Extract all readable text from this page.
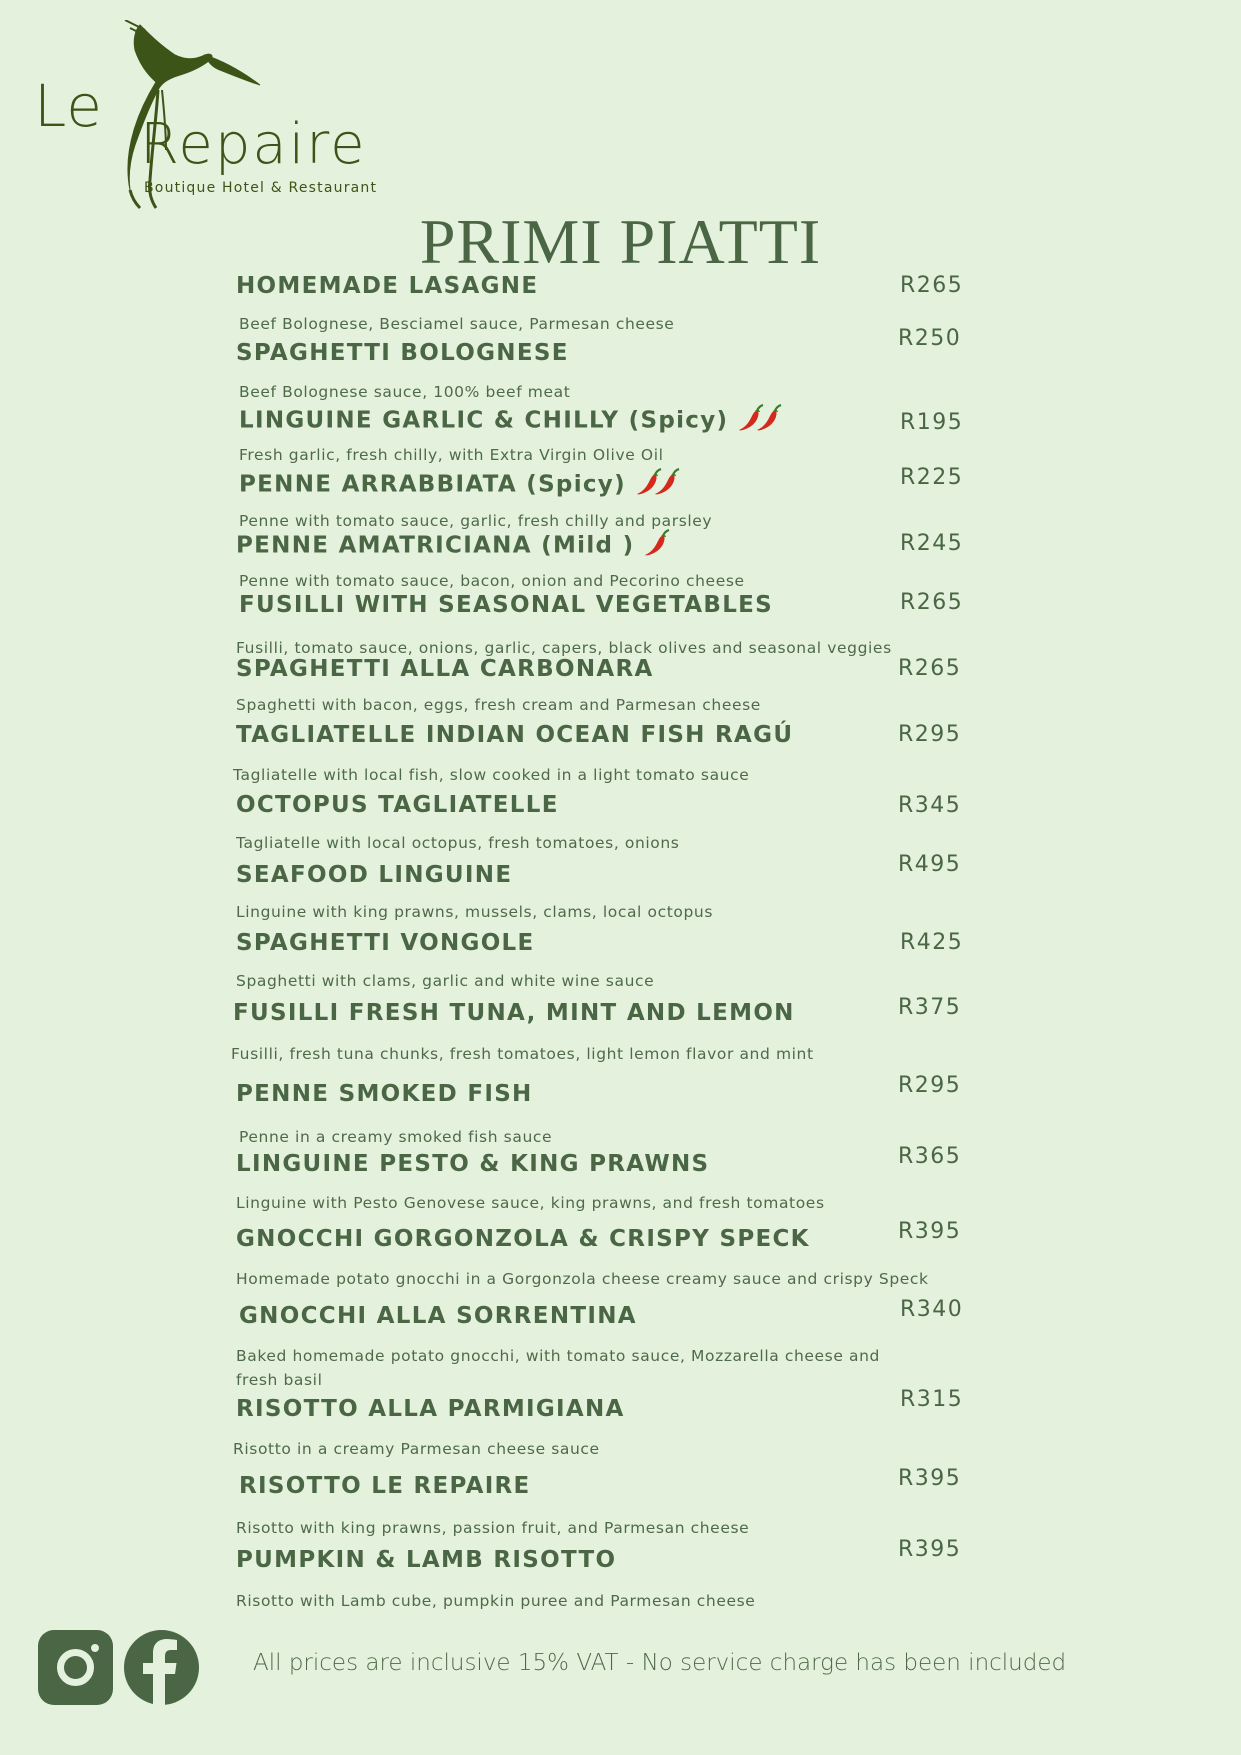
Le
Repaire
Boutique Hotel & Restaurant
PRIMI PIATTI
HOMEMADE LASAGNE
Beef Bolognese, Besciamel sauce, Parmesan cheese
R265
SPAGHETTI BOLOGNESE
Beef Bolognese sauce, 100% beef meat
R250
LINGUINE GARLIC & CHILLY (Spicy)
Fresh garlic, fresh chilly, with Extra Virgin Olive Oil
R195
PENNE ARRABBIATA (Spicy)
Penne with tomato sauce, garlic, fresh chilly and parsley
R225
PENNE AMATRICIANA (Mild )
Penne with tomato sauce, bacon, onion and Pecorino cheese
R245
FUSILLI WITH SEASONAL VEGETABLES
Fusilli, tomato sauce, onions, garlic, capers, black olives and seasonal veggies
R265
SPAGHETTI ALLA CARBONARA
Spaghetti with bacon, eggs, fresh cream and Parmesan cheese
R265
TAGLIATELLE INDIAN OCEAN FISH RAGÚ
Tagliatelle with local fish, slow cooked in a light tomato sauce
R295
OCTOPUS TAGLIATELLE
Tagliatelle with local octopus, fresh tomatoes, onions
R345
SEAFOOD LINGUINE
Linguine with king prawns, mussels, clams, local octopus
R495
SPAGHETTI VONGOLE
Spaghetti with clams, garlic and white wine sauce
R425
FUSILLI FRESH TUNA, MINT AND LEMON
Fusilli, fresh tuna chunks, fresh tomatoes, light lemon flavor and mint
R375
PENNE SMOKED FISH
Penne in a creamy smoked fish sauce
R295
LINGUINE PESTO & KING PRAWNS
Linguine with Pesto Genovese sauce, king prawns, and fresh tomatoes
R365
GNOCCHI GORGONZOLA & CRISPY SPECK
Homemade potato gnocchi in a Gorgonzola cheese creamy sauce and crispy Speck
R395
GNOCCHI ALLA SORRENTINA
Baked homemade potato gnocchi, with tomato sauce, Mozzarella cheese and
fresh basil
R340
RISOTTO ALLA PARMIGIANA
Risotto in a creamy Parmesan cheese sauce
R315
RISOTTO LE REPAIRE
Risotto with king prawns, passion fruit, and Parmesan cheese
R395
PUMPKIN & LAMB RISOTTO
Risotto with Lamb cube, pumpkin puree and Parmesan cheese
R395
All prices are inclusive 15% VAT - No service charge has been included
